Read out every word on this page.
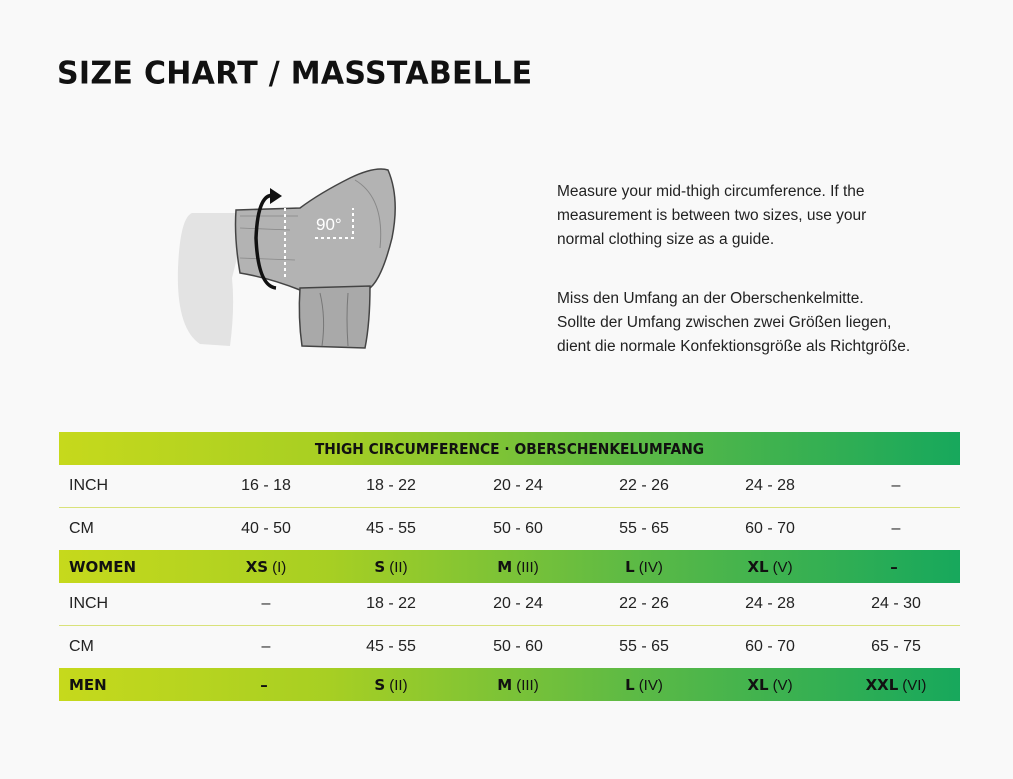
SIZE CHART / MASSTABELLE
90°

Measure your mid-thigh circumference. If the
measurement is between two sizes, use your
normal clothing size as a guide.

Miss den Umfang an der Oberschenkelmitte.
Sollte der Umfang zwischen zwei Größen liegen,
dient die normale Konfektionsgröße als Richtgröße.

THIGH CIRCUMFERENCE · OBERSCHENKELUMFANG
INCH	16 - 18	18 - 22	20 - 24	22 - 26	24 - 28	–
CM	40 - 50	45 - 55	50 - 60	55 - 65	60 - 70	–
WOMEN	XS (I)	S (II)	M (III)	L (IV)	XL (V)	–
INCH	–	18 - 22	20 - 24	22 - 26	24 - 28	24 - 30
CM	–	45 - 55	50 - 60	55 - 65	60 - 70	65 - 75
MEN	–	S (II)	M (III)	L (IV)	XL (V)	XXL (VI)
